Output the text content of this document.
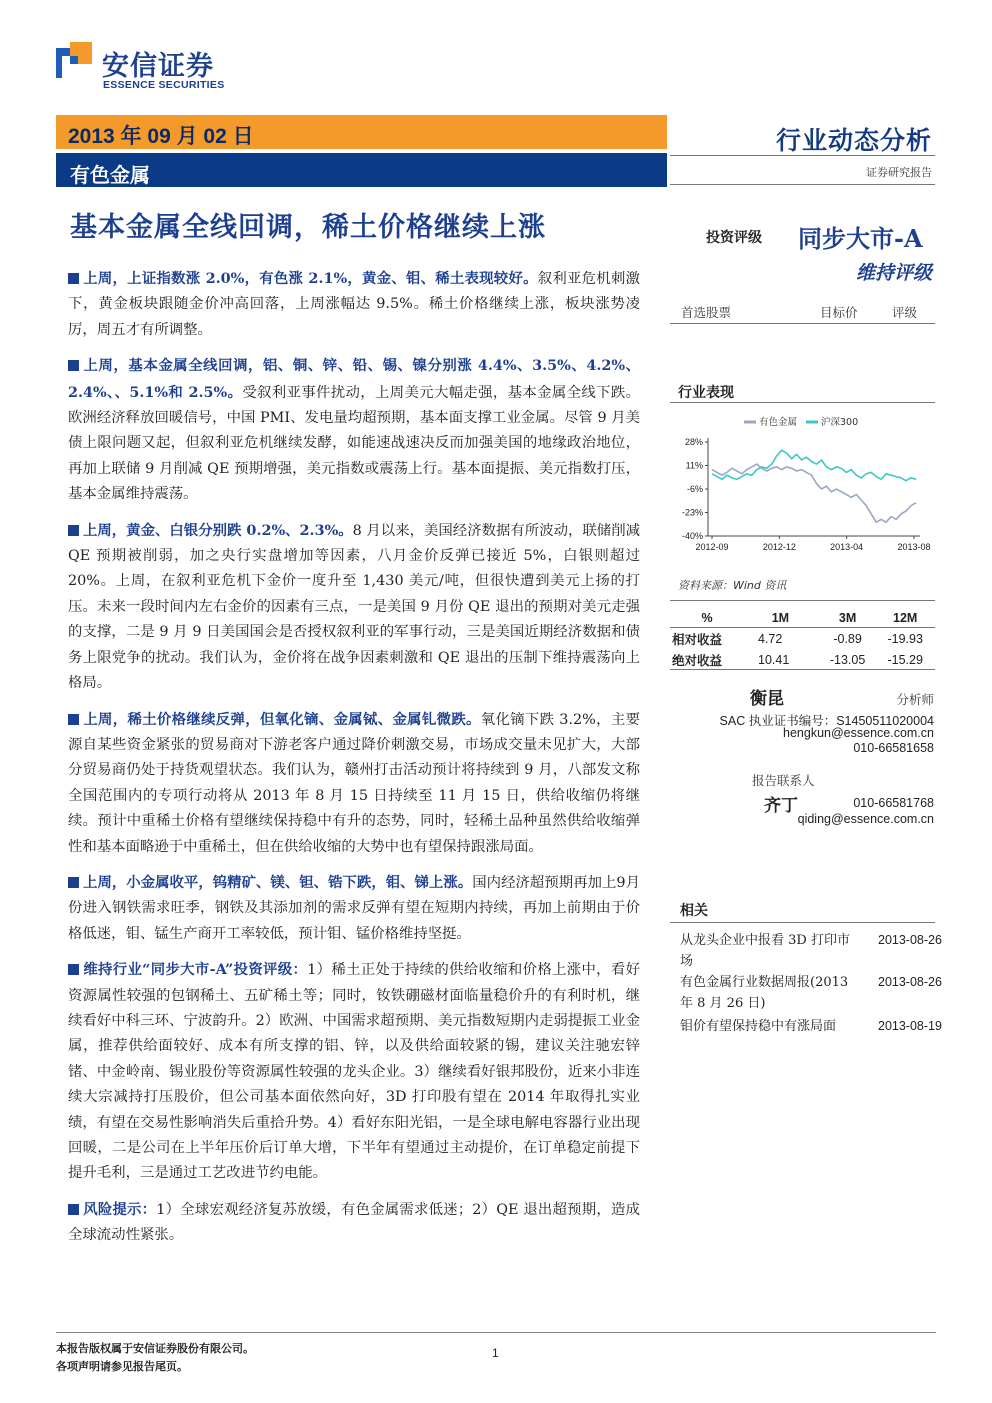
安信证券
ESSENCE SECURITIES
2013 年 09 月 02 日
有色金属
行业动态分析
证券研究报告
基本金属全线回调，稀土价格继续上涨	投资评级 同步大市-A
维持评级
首选股票	目标价	评级
行业表现
有色金属	沪深300
28%
11%
-6%
-23%
-40%
2012-09	2012-12	2013-04	2013-08
资料来源：Wind 资讯
%	1M	3M	12M
相对收益	4.72	-0.89	-19.93
绝对收益	10.41	-13.05	-15.29
衡昆	分析师
SAC 执业证书编号：S1450511020004
hengkun@essence.com.cn
010-66581658
报告联系人
齐丁	010-66581768
qiding@essence.com.cn
相关
从龙头企业中报看 3D 打印市场
2013-08-26
有色金属行业数据周报(2013 年 8 月 26 日)
2013-08-26
钼价有望保持稳中有涨局面	2013-08-19

上周，上证指数涨 2.0%，有色涨 2.1%，黄金、钼、稀土表现较好。叙利亚危机刺激下，黄金板块跟随金价冲高回落，上周涨幅达 9.5%。稀土价格继续上涨，板块涨势凌厉，周五才有所调整。

上周，基本金属全线回调，铝、铜、锌、铅、锡、镍分别涨 4.4%、3.5%、4.2%、2.4%、、5.1%和 2.5%。受叙利亚事件扰动，上周美元大幅走强，基本金属全线下跌。欧洲经济释放回暖信号，中国 PMI、发电量均超预期，基本面支撑工业金属。尽管 9 月美债上限问题又起，但叙利亚危机继续发酵，如能速战速决反而加强美国的地缘政治地位，再加上联储 9 月削减 QE 预期增强，美元指数或震荡上行。基本面提振、美元指数打压，基本金属维持震荡。

上周，黄金、白银分别跌 0.2%、2.3%。8 月以来，美国经济数据有所波动，联储削减 QE 预期被削弱，加之央行实盘增加等因素，八月金价反弹已接近 5%，白银则超过 20%。上周，在叙利亚危机下金价一度升至 1,430 美元/吨，但很快遭到美元上扬的打压。未来一段时间内左右金价的因素有三点，一是美国 9 月份 QE 退出的预期对美元走强的支撑，二是 9 月 9 日美国国会是否授权叙利亚的军事行动，三是美国近期经济数据和债务上限党争的扰动。我们认为，金价将在战争因素刺激和 QE 退出的压制下维持震荡向上格局。

上周，稀土价格继续反弹，但氧化镝、金属铽、金属钆微跌。氧化镝下跌 3.2%，主要源自某些资金紧张的贸易商对下游老客户通过降价刺激交易，市场成交量未见扩大，大部分贸易商仍处于持货观望状态。我们认为，赣州打击活动预计将持续到 9 月，八部发文称全国范围内的专项行动将从 2013 年 8 月 15 日持续至 11 月 15 日，供给收缩仍将继续。预计中重稀土价格有望继续保持稳中有升的态势，同时，轻稀土品种虽然供给收缩弹性和基本面略逊于中重稀土，但在供给收缩的大势中也有望保持跟涨局面。

上周，小金属收平，钨精矿、镁、钽、锆下跌，钼、锑上涨。国内经济超预期再加上9月份进入钢铁需求旺季，钢铁及其添加剂的需求反弹有望在短期内持续，再加上前期由于价格低迷，钼、锰生产商开工率较低，预计钼、锰价格维持坚挺。

维持行业“同步大市-A”投资评级：1）稀土正处于持续的供给收缩和价格上涨中，看好资源属性较强的包钢稀土、五矿稀土等；同时，钕铁硼磁材面临量稳价升的有利时机，继续看好中科三环、宁波韵升。2）欧洲、中国需求超预期、美元指数短期内走弱提振工业金属，推荐供给面较好、成本有所支撑的铝、锌，以及供给面较紧的锡，建议关注驰宏锌锗、中金岭南、锡业股份等资源属性较强的龙头企业。3）继续看好银邦股份，近来小非连续大宗减持打压股价，但公司基本面依然向好，3D 打印股有望在 2014 年取得扎实业绩，有望在交易性影响消失后重拾升势。4）看好东阳光铝，一是全球电解电容器行业出现回暖，二是公司在上半年压价后订单大增，下半年有望通过主动提价，在订单稳定前提下提升毛利，三是通过工艺改进节约电能。

风险提示：1）全球宏观经济复苏放缓，有色金属需求低迷；2）QE 退出超预期，造成全球流动性紧张。

本报告版权属于安信证券股份有限公司。
各项声明请参见报告尾页。
1
